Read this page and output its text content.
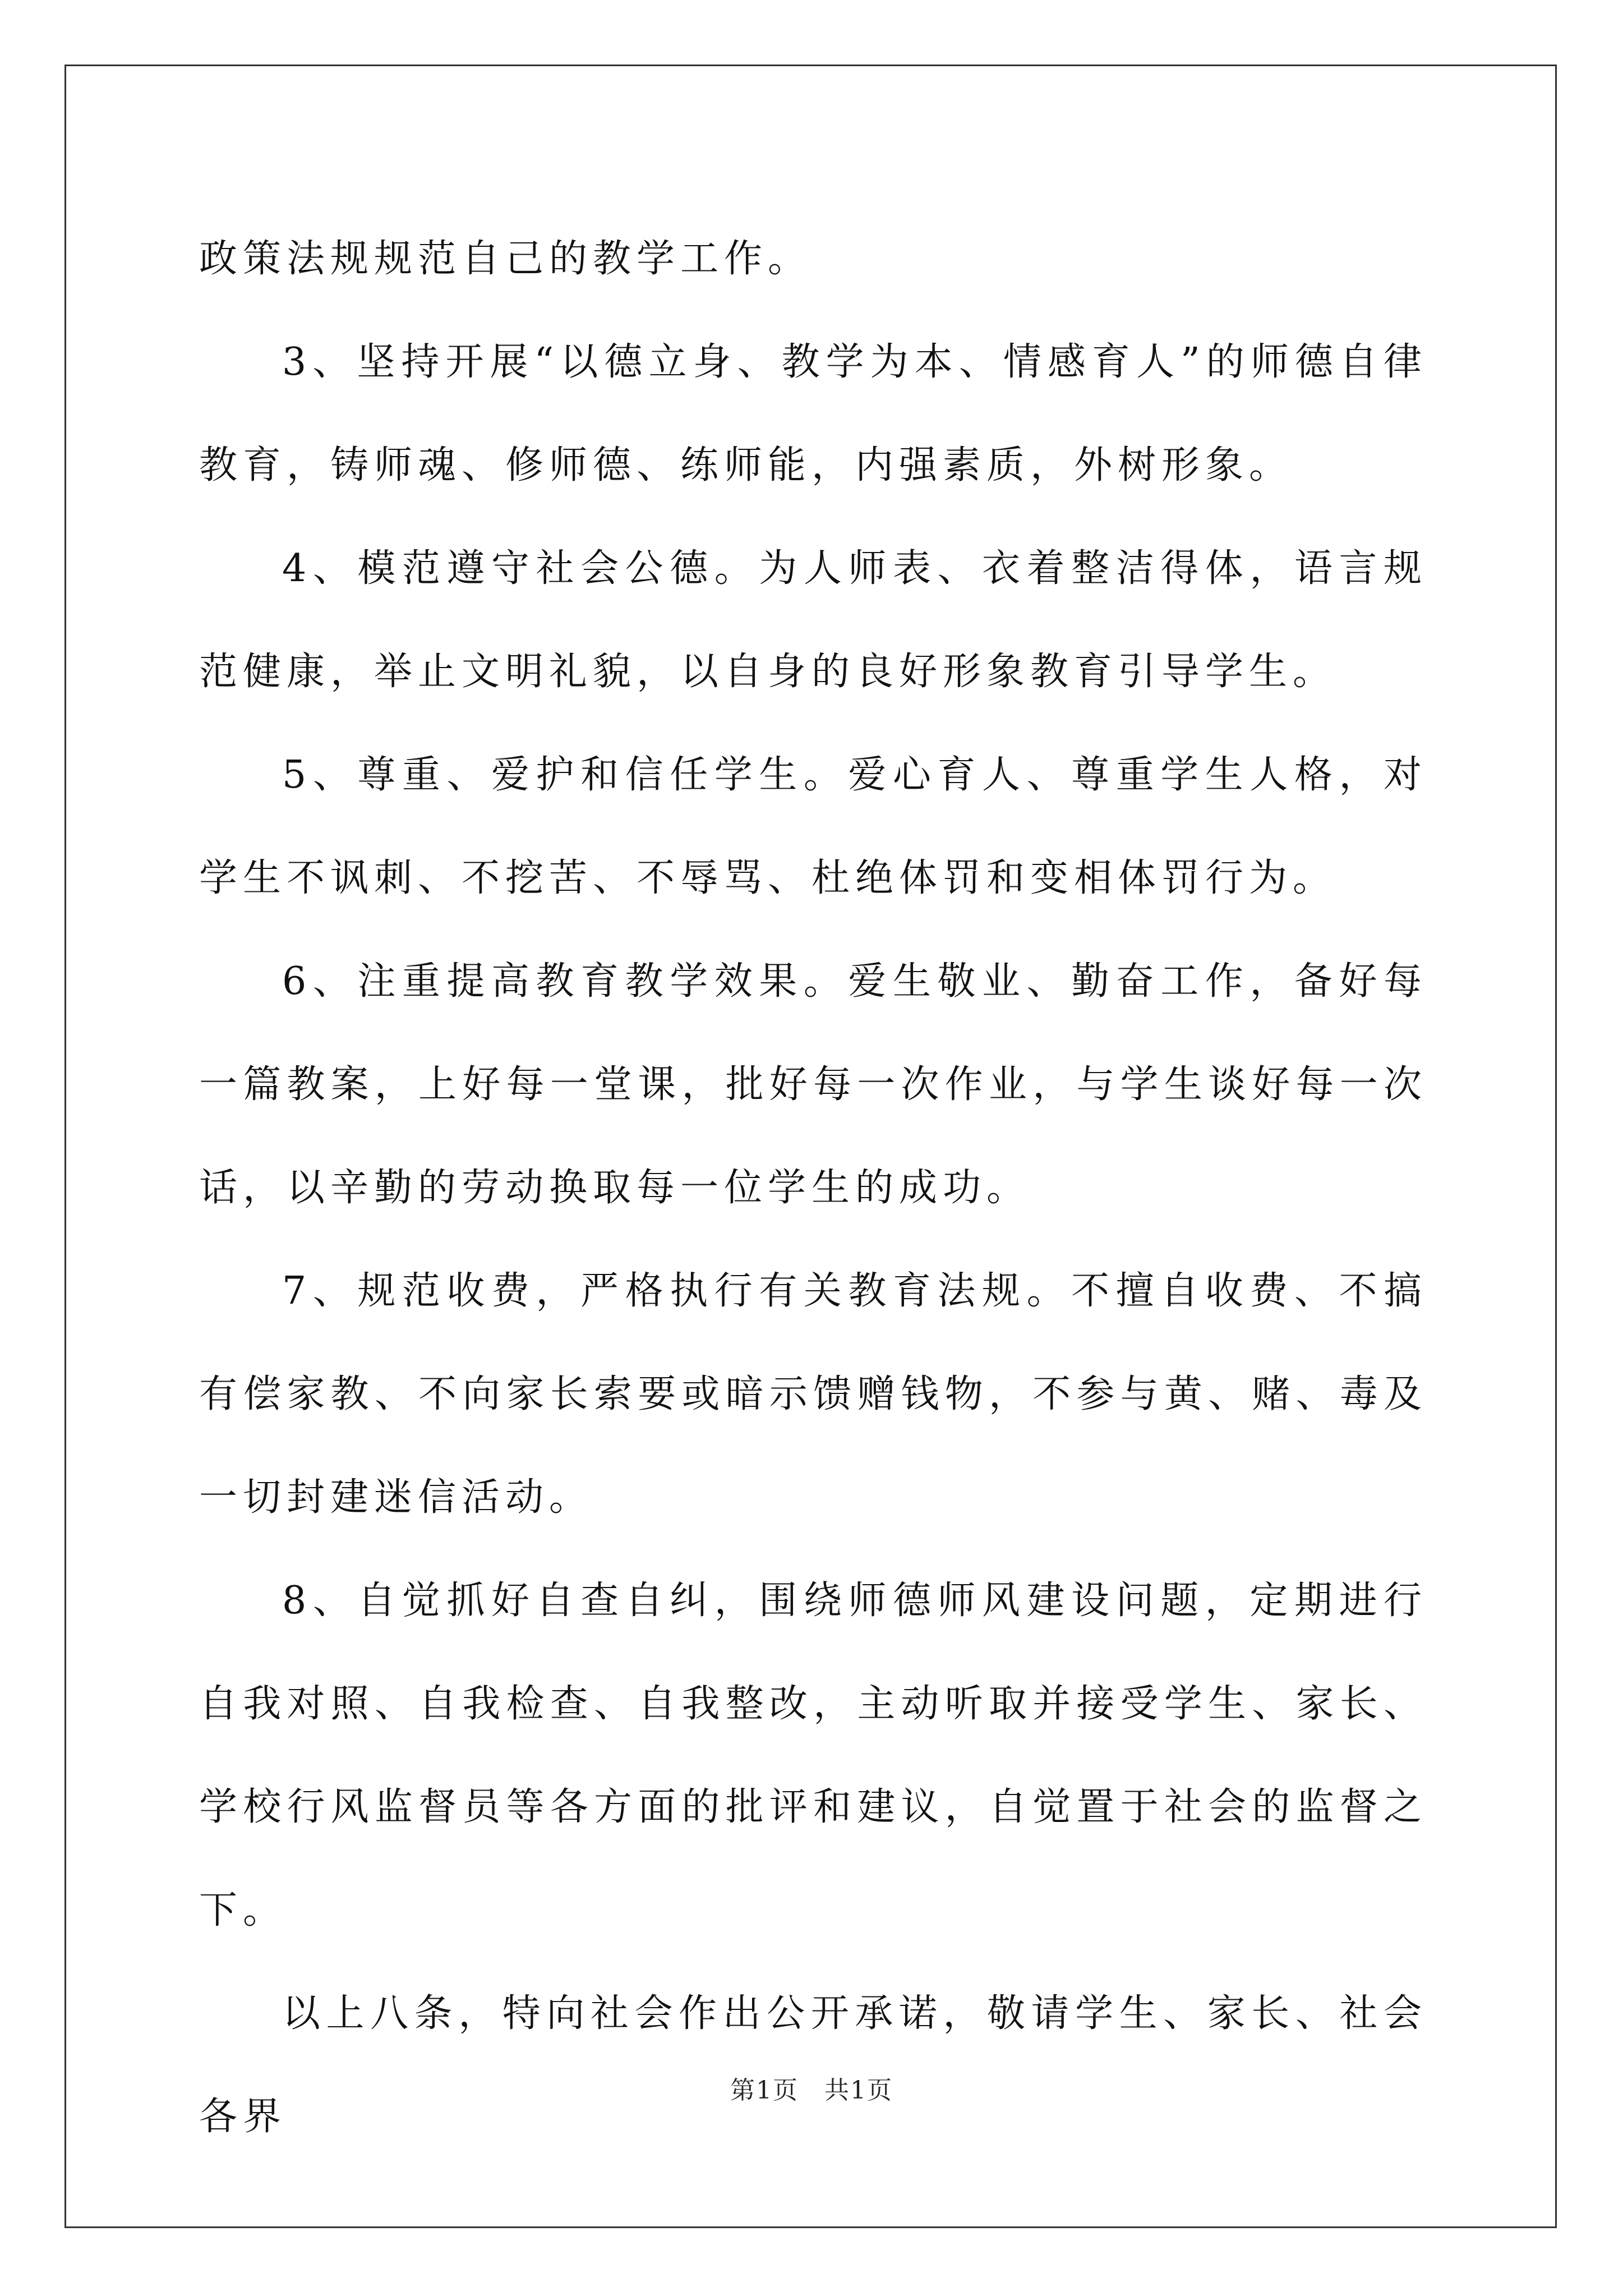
政策法规规范自己的教学工作。

3、坚持开展“以德立身、教学为本、情感育人”的师德自律教育，铸师魂、修师德、练师能，内强素质，外树形象。

4、模范遵守社会公德。为人师表、衣着整洁得体，语言规范健康，举止文明礼貌，以自身的良好形象教育引导学生。

5、尊重、爱护和信任学生。爱心育人、尊重学生人格，对学生不讽刺、不挖苦、不辱骂、杜绝体罚和变相体罚行为。

6、注重提高教育教学效果。爱生敬业、勤奋工作，备好每一篇教案，上好每一堂课，批好每一次作业，与学生谈好每一次话，以辛勤的劳动换取每一位学生的成功。

7、规范收费，严格执行有关教育法规。不擅自收费、不搞有偿家教、不向家长索要或暗示馈赠钱物，不参与黄、赌、毒及一切封建迷信活动。

8、自觉抓好自查自纠，围绕师德师风建设问题，定期进行自我对照、自我检查、自我整改，主动听取并接受学生、家长、学校行风监督员等各方面的批评和建议，自觉置于社会的监督之下。

以上八条，特向社会作出公开承诺，敬请学生、家长、社会各界

第1页　共1页
